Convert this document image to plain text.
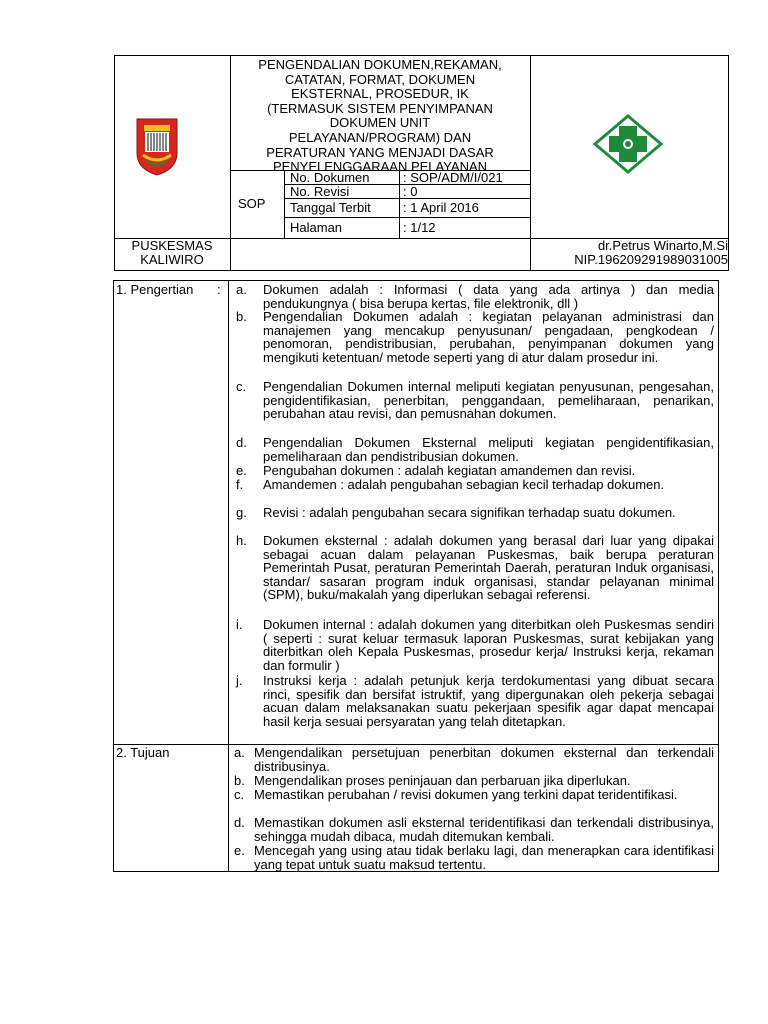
PENGENDALIAN DOKUMEN,REKAMAN,
CATATAN, FORMAT, DOKUMEN
EKSTERNAL, PROSEDUR, IK
(TERMASUK SISTEM PENYIMPANAN
DOKUMEN UNIT
PELAYANAN/PROGRAM) DAN
PERATURAN YANG MENJADI DASAR
PENYELENGGARAAN PELAYANAN
SOP
No. Dokumen	: SOP/ADM/I/021
No. Revisi	: 0
Tanggal Terbit : 1 April 2016
Halaman	: 1/12
PUSKESMAS
KALIWIRO
dr.Petrus Winarto,M.Si
NIP.196209291989031005
1. Pengertian : a. Dokumen adalah : Informasi ( data yang ada artinya ) dan media pendukungnya ( bisa berupa kertas, file elektronik, dll )
b. Pengendalian Dokumen adalah : kegiatan pelayanan administrasi dan manajemen yang mencakup penyusunan/ pengadaan, pengkodean / penomoran, pendistribusian, perubahan, penyimpanan dokumen yang mengikuti ketentuan/ metode seperti yang di atur dalam prosedur ini.
c. Pengendalian Dokumen internal meliputi kegiatan penyusunan, pengesahan, pengidentifikasian, penerbitan, penggandaan, pemeliharaan, penarikan, perubahan atau revisi, dan pemusnahan dokumen.
d. Pengendalian Dokumen Eksternal meliputi kegiatan pengidentifikasian, pemeliharaan dan pendistribusian dokumen.
e. Pengubahan dokumen : adalah kegiatan amandemen dan revisi.
f. Amandemen : adalah pengubahan sebagian kecil terhadap dokumen.
g. Revisi : adalah pengubahan secara signifikan terhadap suatu dokumen.
h. Dokumen eksternal : adalah dokumen yang berasal dari luar yang dipakai sebagai acuan dalam pelayanan Puskesmas, baik berupa peraturan Pemerintah Pusat, peraturan Pemerintah Daerah, peraturan Induk organisasi, standar/ sasaran program induk organisasi, standar pelayanan minimal (SPM), buku/makalah yang diperlukan sebagai referensi.
i. Dokumen internal : adalah dokumen yang diterbitkan oleh Puskesmas sendiri ( seperti : surat keluar termasuk laporan Puskesmas, surat kebijakan yang diterbitkan oleh Kepala Puskesmas, prosedur kerja/ Instruksi kerja, rekaman dan formulir )
j. Instruksi kerja : adalah petunjuk kerja terdokumentasi yang dibuat secara rinci, spesifik dan bersifat istruktif, yang dipergunakan oleh pekerja sebagai acuan dalam melaksanakan suatu pekerjaan spesifik agar dapat mencapai hasil kerja sesuai persyaratan yang telah ditetapkan.
2. Tujuan	a. Mengendalikan persetujuan penerbitan dokumen eksternal dan terkendali distribusinya.
b. Mengendalikan proses peninjauan dan perbaruan jika diperlukan.
c. Memastikan perubahan / revisi dokumen yang terkini dapat teridentifikasi.
d. Memastikan dokumen asli eksternal teridentifikasi dan terkendali distribusinya, sehingga mudah dibaca, mudah ditemukan kembali.
e. Mencegah yang using atau tidak berlaku lagi, dan menerapkan cara identifikasi yang tepat untuk suatu maksud tertentu.
